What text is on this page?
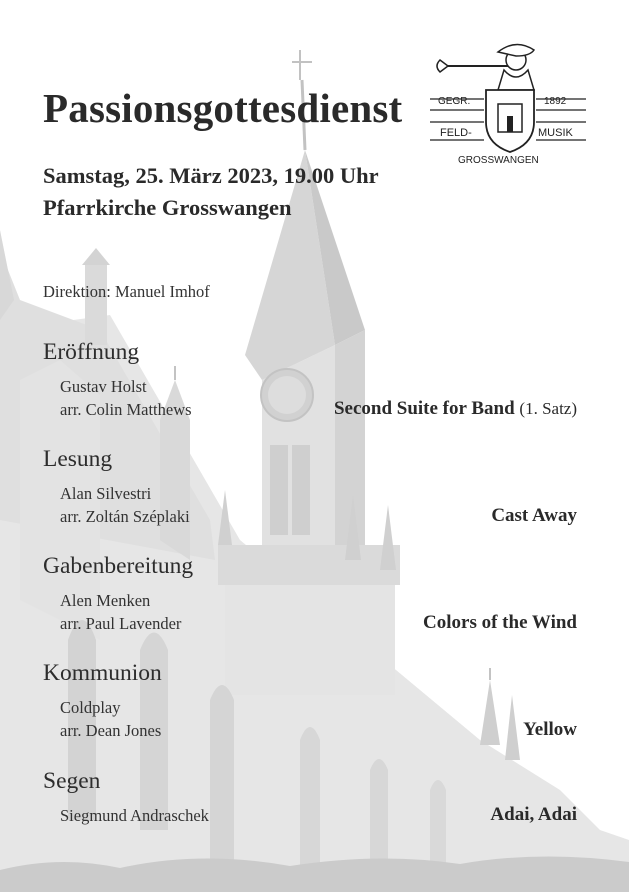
GEGR.	1892
FELD-	MUSIK
GROSSWANGEN
Passionsgottesdienst
Samstag, 25. März 2023, 19.00 Uhr
Pfarrkirche Grosswangen
Direktion: Manuel Imhof
Eröffnung
Gustav Holst
arr. Colin Matthews	Second Suite for Band (1. Satz)
Lesung
Alan Silvestri
arr. Zoltán Széplaki	Cast Away
Gabenbereitung
Alen Menken
arr. Paul Lavender	Colors of the Wind
Kommunion
Coldplay
arr. Dean Jones	Yellow
Segen
Siegmund Andraschek	Adai, Adai
